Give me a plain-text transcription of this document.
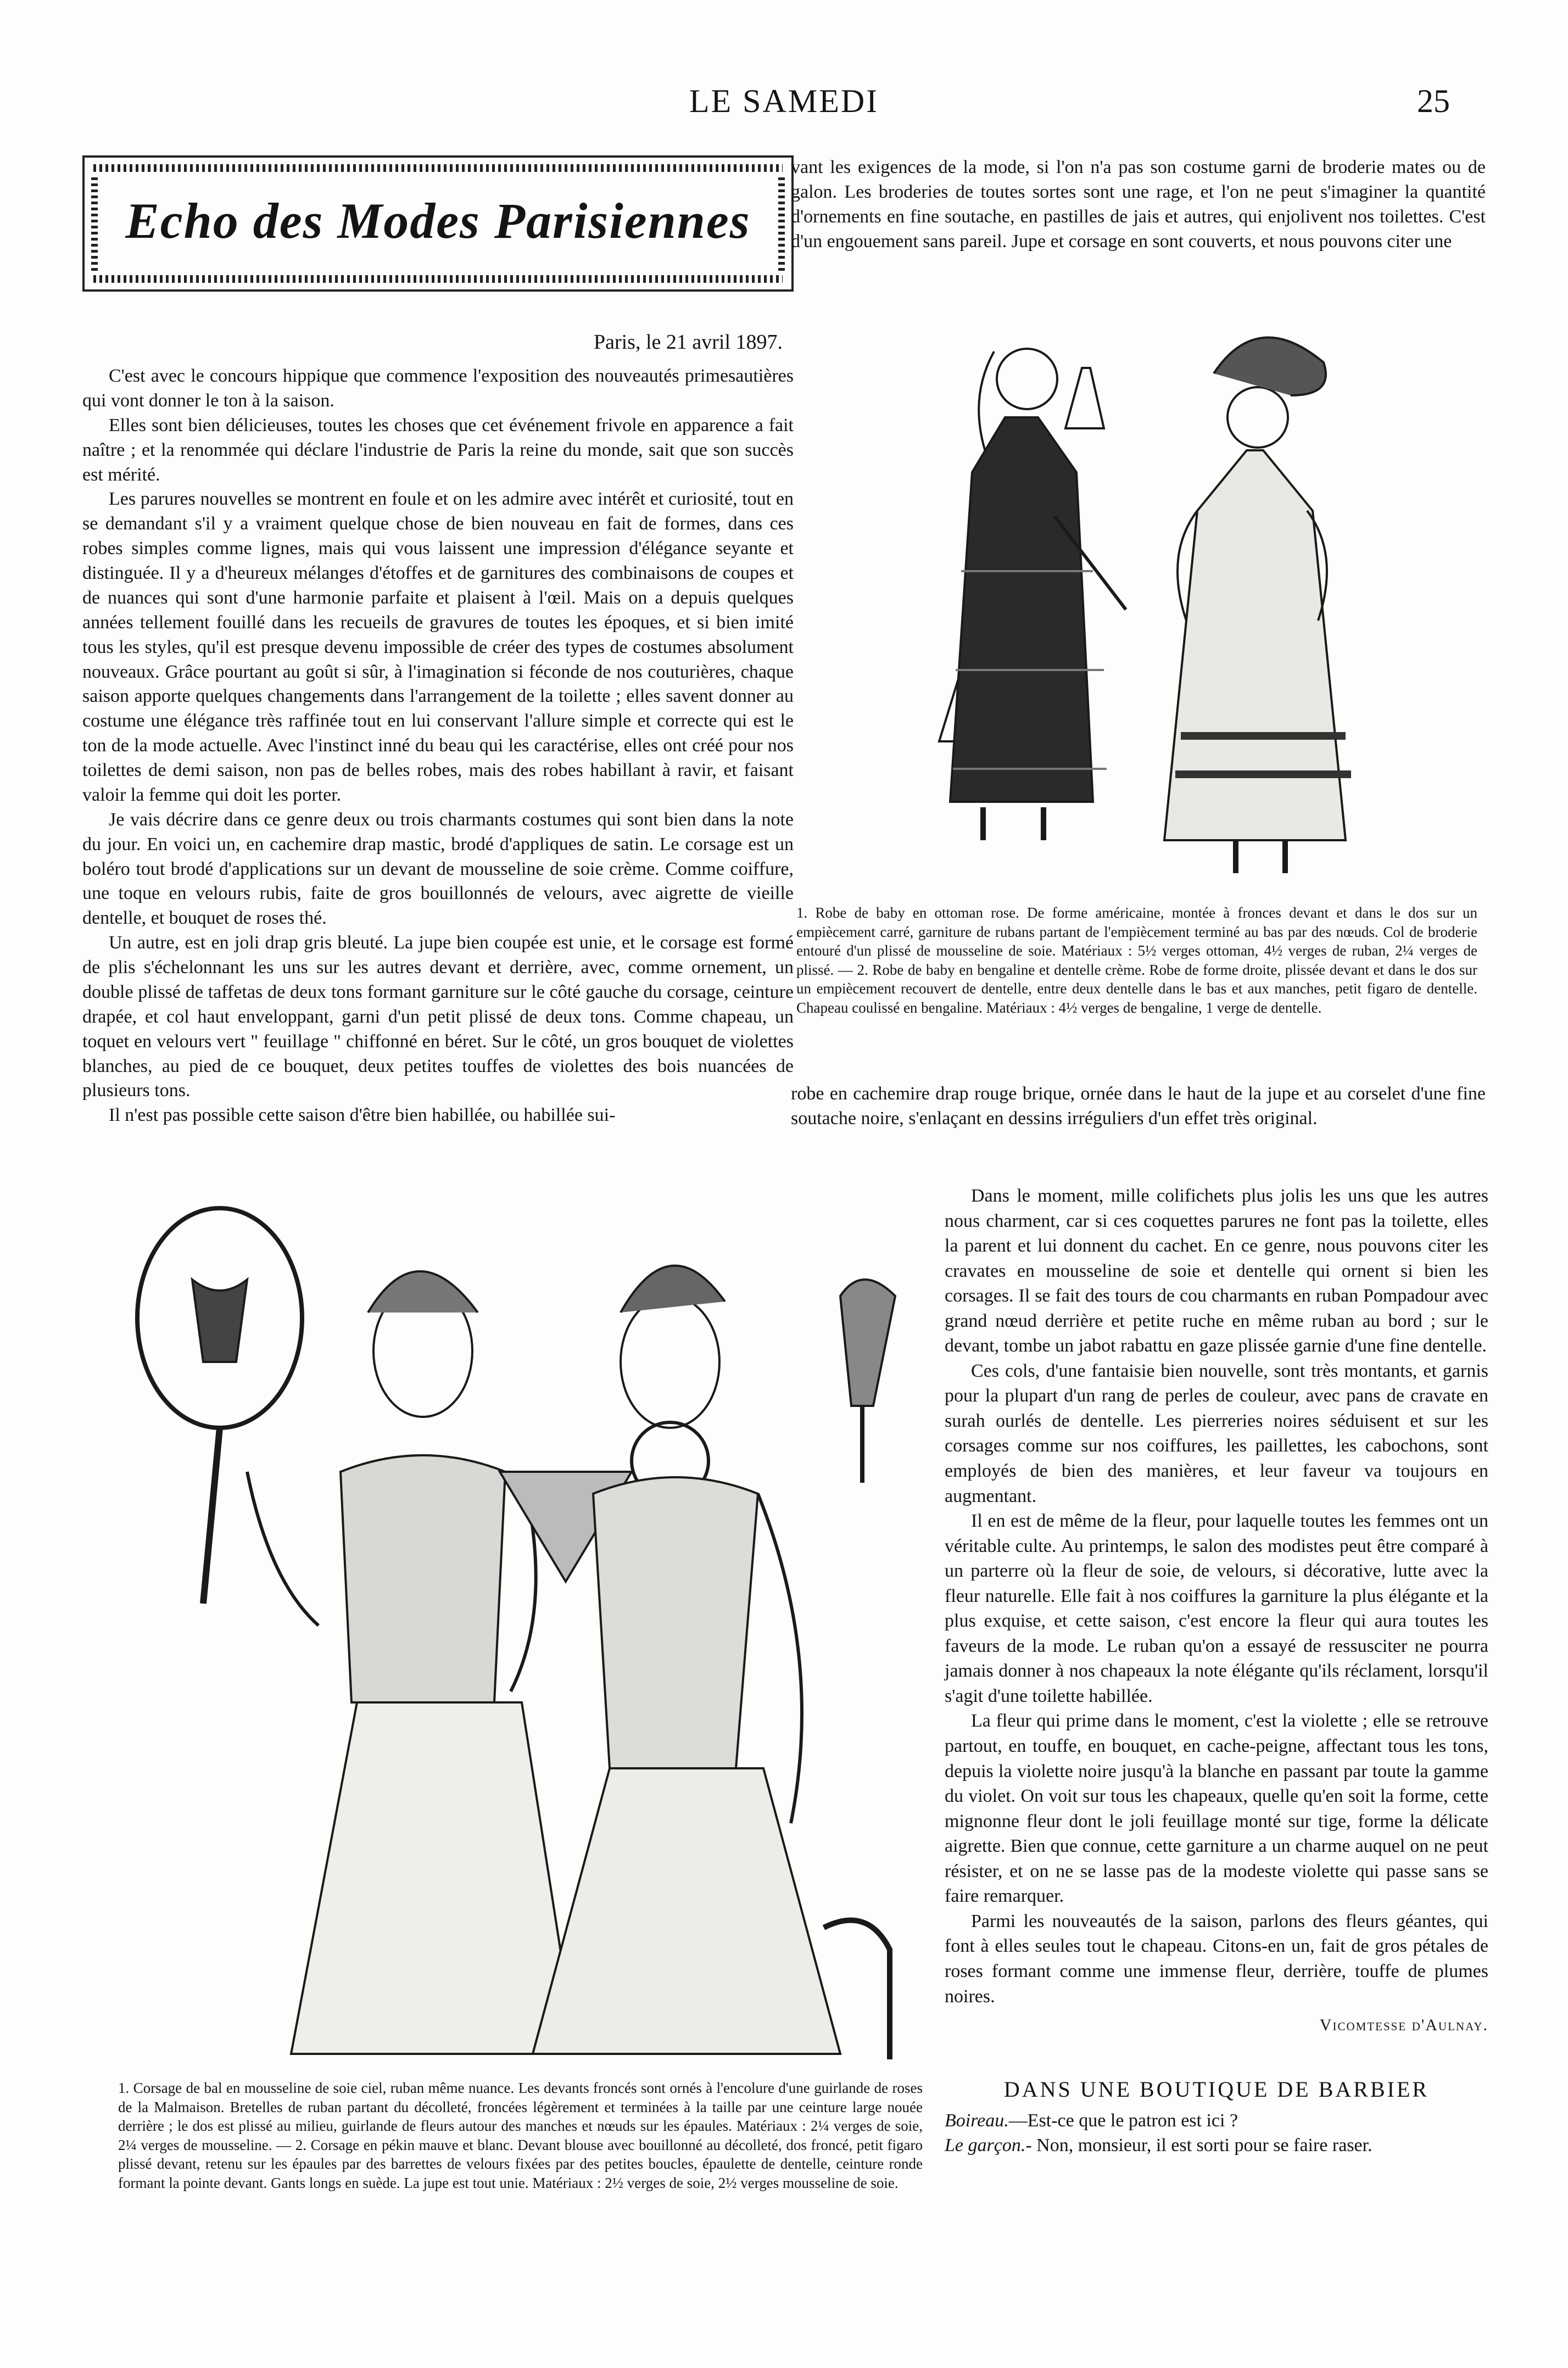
LE SAMEDI	25
Echo des Modes Parisiennes
Paris, le 21 avril 1897.

C'est avec le concours hippique que commence l'exposition des nouveautés primesautières qui vont donner le ton à la saison.

Elles sont bien délicieuses, toutes les choses que cet événement frivole en apparence a fait naître ; et la renommée qui déclare l'industrie de Paris la reine du monde, sait que son succès est mérité.

Les parures nouvelles se montrent en foule et on les admire avec intérêt et curiosité, tout en se demandant s'il y a vraiment quelque chose de bien nouveau en fait de formes, dans ces robes simples comme lignes, mais qui vous laissent une impression d'élégance seyante et distinguée. Il y a d'heureux mélanges d'étoffes et de garnitures des combinaisons de coupes et de nuances qui sont d'une harmonie parfaite et plaisent à l'œil. Mais on a depuis quelques années tellement fouillé dans les recueils de gravures de toutes les époques, et si bien imité tous les styles, qu'il est presque devenu impossible de créer des types de costumes absolument nouveaux. Grâce pourtant au goût si sûr, à l'imagination si féconde de nos couturières, chaque saison apporte quelques changements dans l'arrangement de la toilette ; elles savent donner au costume une élégance très raffinée tout en lui conservant l'allure simple et correcte qui est le ton de la mode actuelle. Avec l'instinct inné du beau qui les caractérise, elles ont créé pour nos toilettes de demi saison, non pas de belles robes, mais des robes habillant à ravir, et faisant valoir la femme qui doit les porter.

Je vais décrire dans ce genre deux ou trois charmants costumes qui sont bien dans la note du jour. En voici un, en cachemire drap mastic, brodé d'appliques de satin. Le corsage est un boléro tout brodé d'applications sur un devant de mousseline de soie crème. Comme coiffure, une toque en velours rubis, faite de gros bouillonnés de velours, avec aigrette de vieille dentelle, et bouquet de roses thé.

Un autre, est en joli drap gris bleuté. La jupe bien coupée est unie, et le corsage est formé de plis s'échelonnant les uns sur les autres devant et derrière, avec, comme ornement, un double plissé de taffetas de deux tons formant garniture sur le côté gauche du corsage, ceinture drapée, et col haut enveloppant, garni d'un petit plissé de deux tons. Comme chapeau, un toquet en velours vert " feuillage " chiffonné en béret. Sur le côté, un gros bouquet de violettes blanches, au pied de ce bouquet, deux petites touffes de violettes des bois nuancées de plusieurs tons.

Il n'est pas possible cette saison d'être bien habillée, ou habillée sui-

vant les exigences de la mode, si l'on n'a pas son costume garni de broderie mates ou de galon. Les broderies de toutes sortes sont une rage, et l'on ne peut s'imaginer la quantité d'ornements en fine soutache, en pastilles de jais et autres, qui enjolivent nos toilettes. C'est d'un engouement sans pareil. Jupe et corsage en sont couverts, et nous pouvons citer une

1. Robe de baby en ottoman rose. De forme américaine, montée à fronces devant et dans le dos sur un empiècement carré, garniture de rubans partant de l'empiècement terminé au bas par des nœuds. Col de broderie entouré d'un plissé de mousseline de soie. Matériaux : 5½ verges ottoman, 4½ verges de ruban, 2¼ verges de plissé. — 2. Robe de baby en bengaline et dentelle crème. Robe de forme droite, plissée devant et dans le dos sur un empiècement recouvert de dentelle, entre deux dentelle dans le bas et aux manches, petit figaro de dentelle. Chapeau coulissé en bengaline. Matériaux : 4½ verges de bengaline, 1 verge de dentelle.

robe en cachemire drap rouge brique, ornée dans le haut de la jupe et au corselet d'une fine soutache noire, s'enlaçant en dessins irréguliers d'un effet très original.

1. Corsage de bal en mousseline de soie ciel, ruban même nuance. Les devants froncés sont ornés à l'encolure d'une guirlande de roses de la Malmaison. Bretelles de ruban partant du décolleté, froncées légèrement et terminées à la taille par une ceinture large nouée derrière ; le dos est plissé au milieu, guirlande de fleurs autour des manches et nœuds sur les épaules. Matériaux : 2¼ verges de soie, 2¼ verges de mousseline. — 2. Corsage en pékin mauve et blanc. Devant blouse avec bouillonné au décolleté, dos froncé, petit figaro plissé devant, retenu sur les épaules par des barrettes de velours fixées par des petites boucles, épaulette de dentelle, ceinture ronde formant la pointe devant. Gants longs en suède. La jupe est tout unie. Matériaux : 2½ verges de soie, 2½ verges mousseline de soie.

Dans le moment, mille colifichets plus jolis les uns que les autres nous charment, car si ces coquettes parures ne font pas la toilette, elles la parent et lui donnent du cachet. En ce genre, nous pouvons citer les cravates en mousseline de soie et dentelle qui ornent si bien les corsages. Il se fait des tours de cou charmants en ruban Pompadour avec grand nœud derrière et petite ruche en même ruban au bord ; sur le devant, tombe un jabot rabattu en gaze plissée garnie d'une fine dentelle.

Ces cols, d'une fantaisie bien nouvelle, sont très montants, et garnis pour la plupart d'un rang de perles de couleur, avec pans de cravate en surah ourlés de dentelle. Les pierreries noires séduisent et sur les corsages comme sur nos coiffures, les paillettes, les cabochons, sont employés de bien des manières, et leur faveur va toujours en augmentant.

Il en est de même de la fleur, pour laquelle toutes les femmes ont un véritable culte. Au printemps, le salon des modistes peut être comparé à un parterre où la fleur de soie, de velours, si décorative, lutte avec la fleur naturelle. Elle fait à nos coiffures la garniture la plus élégante et la plus exquise, et cette saison, c'est encore la fleur qui aura toutes les faveurs de la mode. Le ruban qu'on a essayé de ressusciter ne pourra jamais donner à nos chapeaux la note élégante qu'ils réclament, lorsqu'il s'agit d'une toilette habillée.

La fleur qui prime dans le moment, c'est la violette ; elle se retrouve partout, en touffe, en bouquet, en cache-peigne, affectant tous les tons, depuis la violette noire jusqu'à la blanche en passant par toute la gamme du violet. On voit sur tous les chapeaux, quelle qu'en soit la forme, cette mignonne fleur dont le joli feuillage monté sur tige, forme la délicate aigrette. Bien que connue, cette garniture a un charme auquel on ne peut résister, et on ne se lasse pas de la modeste violette qui passe sans se faire remarquer.

Parmi les nouveautés de la saison, parlons des fleurs géantes, qui font à elles seules tout le chapeau. Citons-en un, fait de gros pétales de roses formant comme une immense fleur, derrière, touffe de plumes noires.

Vicomtesse d'Aulnay.
DANS UNE BOUTIQUE DE BARBIER

Boireau.—Est-ce que le patron est ici ?

Le garçon.- Non, monsieur, il est sorti pour se faire raser.
